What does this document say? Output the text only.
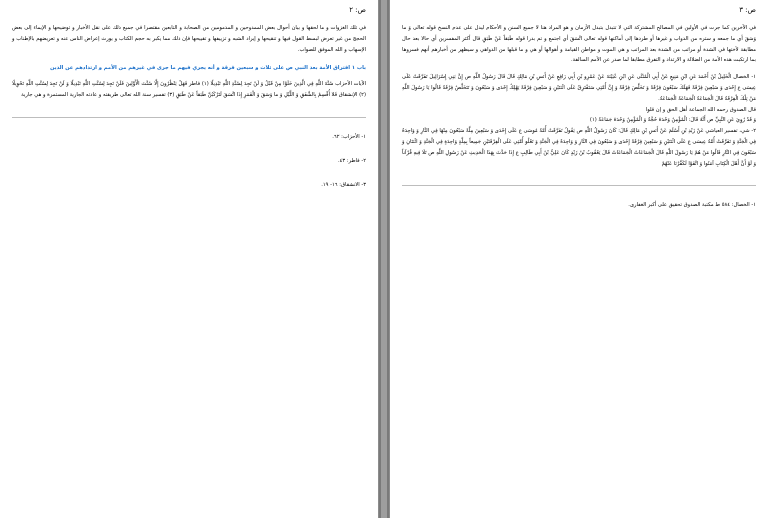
ص: ٢

في تلك الغزوات و ما لحقها و بيان أحوال بعض الممدوحين و المذمومين من الصحابة و التابعين مقتصرا في جميع ذلك على نقل الأخبار و توضيحها و الإيماء إلى بعض الحجج من غير تعرض لبسط القول فيها و تنقيحها و إيراد الشبه و تزييفها و تقييحها فإن ذلك مما يكبر به حجم الكتاب و يورث إعراض الناس عنه و تعريضهم بالإطناب و الإسهاب و الله الموفق للصواب.

باب ١ افتراق الأمة بعد النبي ص على ثلاث و سبعين فرقة و أنه يجري فيهم ما جرى في غيرهم من الأمم و ارتدادهم عن الدين

الآيات الأحزاب سُنَّةَ اللَّهِ فِي الَّذِينَ خَلَوْا مِنْ قَبْلُ وَ لَنْ تَجِدَ لِسُنَّةِ اللَّهِ تَبْدِيلًا (١) فاطر فَهَلْ يَنْظُرُونَ إِلَّا سُنَّتَ الْأَوَّلِينَ فَلَنْ تَجِدَ لِسُنَّتِ اللَّهِ تَبْدِيلًا وَ لَنْ تَجِدَ لِسُنَّتِ اللَّهِ تَحْوِيلًا (٢) الإنشقاق فَلا أُقْسِمُ بِالشَّفَقِ وَ اللَّيْلِ وَ ما وَسَقَ وَ الْقَمَرِ إِذَا اتَّسَقَ لَتَرْكَبُنَّ طَبَقاً عَنْ طَبَقٍ (٣) تفسير سنة الله تعالى طريقته و عادته الجارية المستمرة و هي جارية

١- الأحزاب: ٦٢.
٢- فاطر: ٤٣.
٣- الانشقاق: ١٦- ١٩.
ص: ٣

في الآخرين كما جرت في الأولين في المصالح المشتركة التي لا تتبدل بتبدل الأزمان و هو المراد هنا لا جميع السنن و الأحكام ليدل على عدم النسخ قوله تعالى وَ ما وَسَقَ أي ما جمعه و ستره من الدواب و غيرها أو طردها إلى أماكنها قوله تعالى اتَّسَقَ أي اجتمع و تم بدرا قوله طَبَقاً عَنْ طَبَقٍ قال أكثر المفسرين أي حالا بعد حال مطابقة لأختها في الشدة أو مراتب من الشدة بعد المراتب و هي الموت و مواطن القيامة و أهوالها أو هي و ما قبلها من الدواهي و سيظهر من أخبارهم أنهم فسروها بما ارتكبت هذه الأمة من الضلالة و الارتداد و التفرق مطابقا لما صدر عن الأمم السالفة.

١- الخصال الْخَلِيلُ بْنُ أَحْمَدَ عَنِ ابْنِ مَنِيعٍ عَنْ أَبِي الْمُثَنَّى عَنِ ابْنِ عُيَيْنَةَ عَنْ عَمْرِو بْنِ أَبِي رَافِعٍ عَنْ أَنَسِ بْنِ مَالِكٍ قَالَ قَالَ رَسُولُ اللَّهِ ص إِنَّ بَنِي إِسْرَائِيلَ تَفَرَّقَتْ عَلَى عِيسَى ع إِحْدَى وَ سَبْعِينَ فِرْقَةً فَهَلَكَ سَبْعُونَ فِرْقَةً وَ تَخَلَّصَ فِرْقَةٌ وَ إِنَّ أُمَّتِي سَتَفْتَرِقُ عَلَى اثْنَتَيْنِ وَ سَبْعِينَ فِرْقَةً يَهْلِكُ إِحْدَى وَ سَبْعُونَ وَ تَتَخَلَّصُ فِرْقَةٌ قَالُوا يَا رَسُولَ اللَّهِ مَنْ تِلْكَ الْفِرْقَةُ قَالَ الْجَمَاعَةُ الْجَمَاعَةُ الْجَمَاعَةُ.

قال الصدوق رحمه الله الجماعة أهل الحق و إن قلوا

وَ قَدْ رُوِيَ عَنِ النَّبِيِّ ص أَنَّهُ قَالَ: الْمُؤْمِنُ وَحْدَهُ حُجَّةٌ وَ الْمُؤْمِنُ وَحْدَهُ جَمَاعَةٌ (١)

٢- شي، تفسير العياشي عَنْ زَيْدِ بْنِ أَسْلَمَ عَنْ أَنَسِ بْنِ مَالِكٍ قَالَ: كَانَ رَسُولُ اللَّهِ ص يَقُولُ تَفَرَّقَتْ أُمَّةُ مُوسَى ع عَلَى إِحْدَى وَ سَبْعِينَ مِلَّةً سَبْعُونَ مِنْهَا فِي النَّارِ وَ وَاحِدَةٌ فِي الْجَنَّةِ وَ تَفَرَّقَتْ أُمَّةُ عِيسَى ع عَلَى اثْنَتَيْنِ وَ سَبْعِينَ فِرْقَةً إِحْدَى وَ سَبْعُونَ فِي النَّارِ وَ وَاحِدَةٌ فِي الْجَنَّةِ وَ تَعْلُو أُمَّتِي عَلَى الْفِرْقَتَيْنِ جَمِيعاً بِمِلَّةٍ وَاحِدَةٍ فِي الْجَنَّةِ وَ اثْنَتَانِ وَ سَبْعُونَ فِي النَّارِ قَالُوا مَنْ هُمْ يَا رَسُولَ اللَّهِ قَالَ الْجَمَاعَاتُ الْجَمَاعَاتُ قَالَ يَعْقُوبُ بْنُ زَيْدٍ كَانَ عَلِيُّ بْنُ أَبِي طَالِبٍ ع إِذَا حَدَّثَ بِهَذَا الْحَدِيثِ عَنْ رَسُولِ اللَّهِ ص تَلَا فِيهِ قُرْآناً وَ لَوْ أَنَّ أَهْلَ الْكِتَابِ آمَنُوا وَ اتَّقَوْا لَكَفَّرْنَا عَنْهُمْ

١- الخصال: ٥٨٤ ط مكتبة الصدوق تحقيق على أكبر الغفارى.
